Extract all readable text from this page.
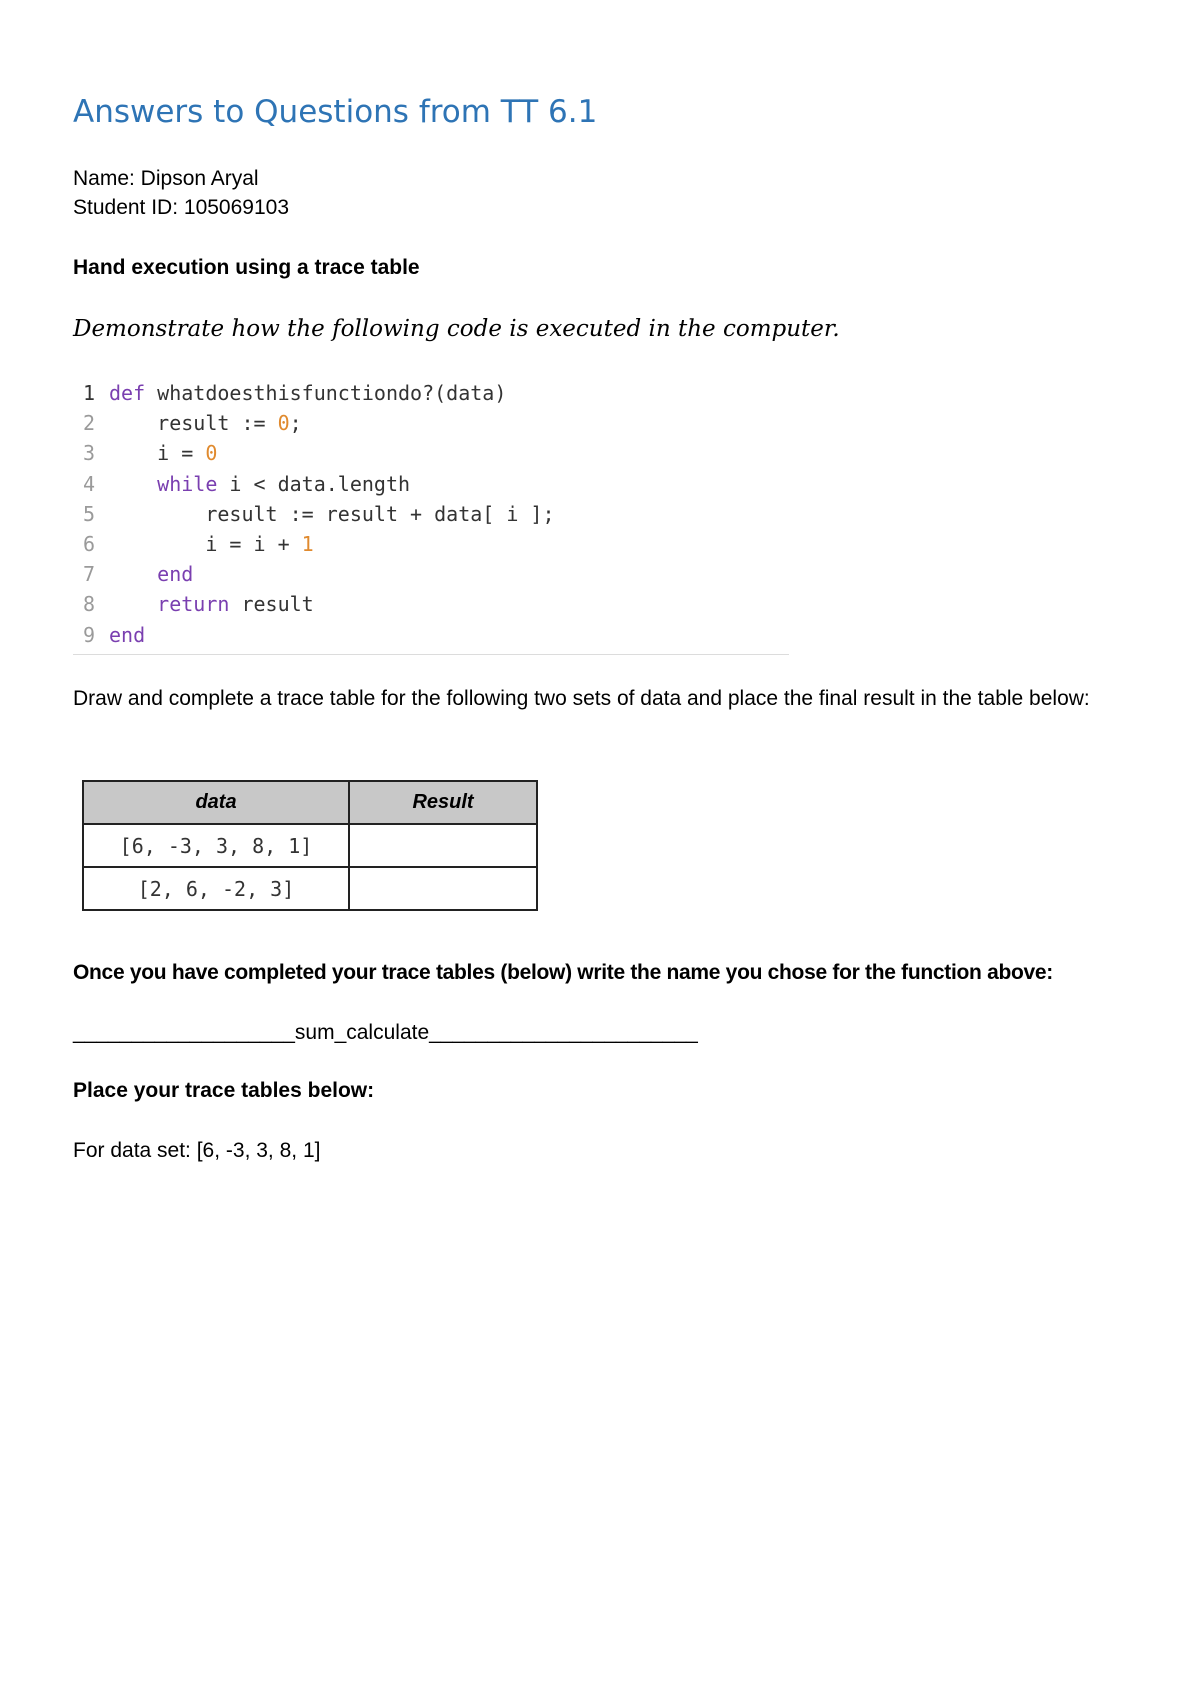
Answers to Questions from TT 6.1
Name: Dipson Aryal
Student ID: 105069103
Hand execution using a trace table
Demonstrate how the following code is executed in the computer.
1 def whatdoesthisfunctiondo?(data)
2	result := 0;
3	i = 0
4	while i < data.length
5	result := result + data[ i ];
6	i = i + 1
7	end
8	return result
9 end
Draw and complete a trace table for the following two sets of data and place the final result in the table below:
data	Result
[6, -3, 3, 8, 1]	
[2, 6, -2, 3]	
Once you have completed your trace tables (below) write the name you chose for the function above:
___________________sum_calculate_______________________
Place your trace tables below:
For data set: [6, -3, 3, 8, 1]
